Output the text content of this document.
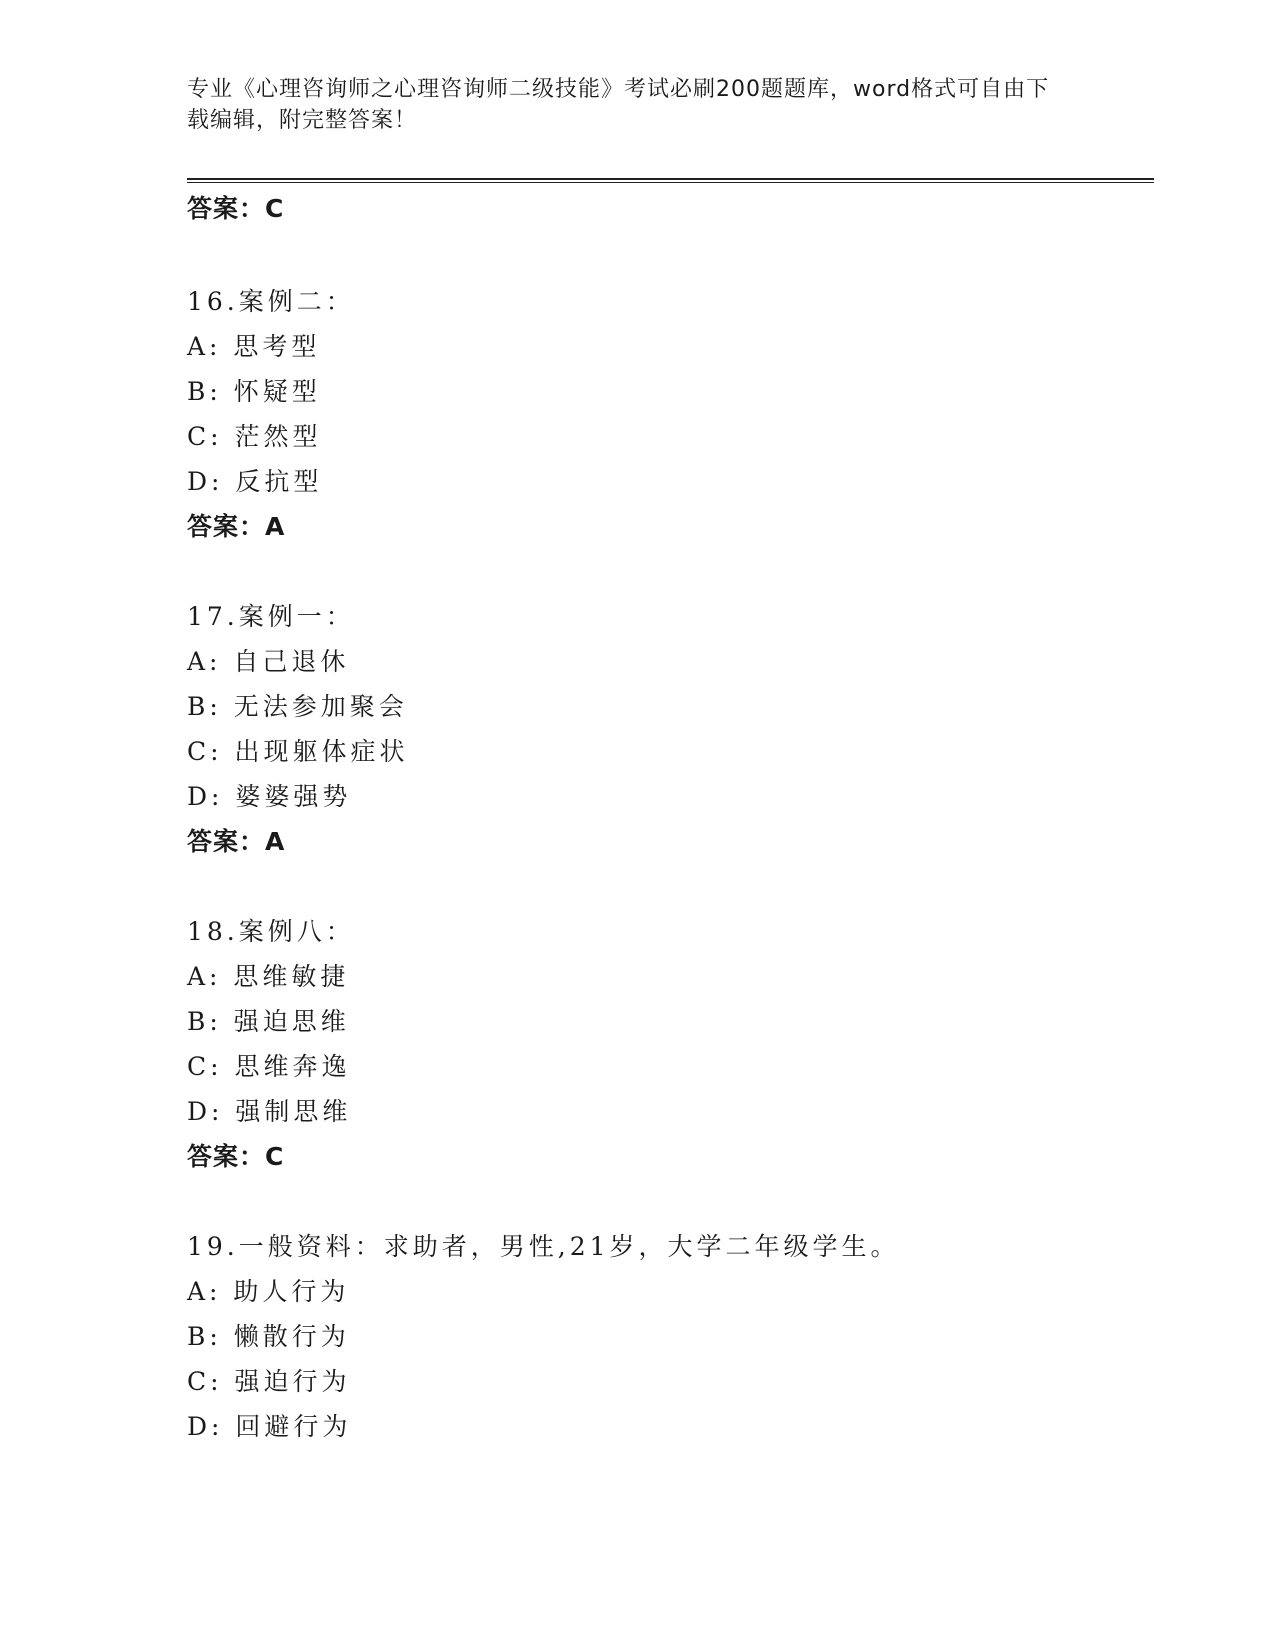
专业《心理咨询师之心理咨询师二级技能》考试必刷200题题库，word格式可自由下载编辑，附完整答案！
答案：C
16.案例二：
A: 思考型
B: 怀疑型
C: 茫然型
D: 反抗型
答案：A
17.案例一：
A: 自己退休
B: 无法参加聚会
C: 出现躯体症状
D: 婆婆强势
答案：A
18.案例八：
A: 思维敏捷
B: 强迫思维
C: 思维奔逸
D: 强制思维
答案：C
19.一般资料：求助者，男性,21岁，大学二年级学生。
A: 助人行为
B: 懒散行为
C: 强迫行为
D: 回避行为
